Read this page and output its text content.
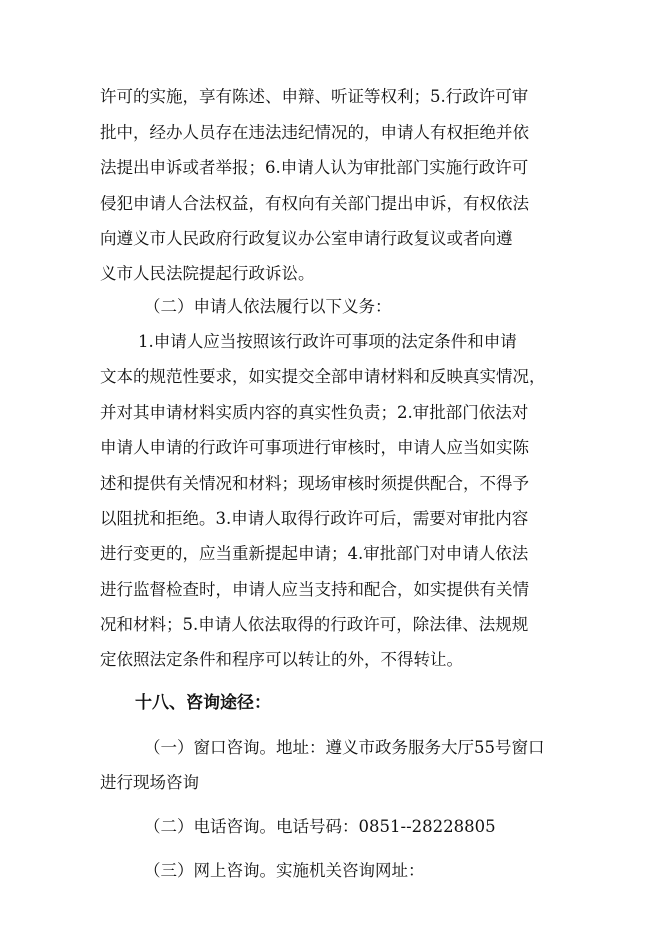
许可的实施，享有陈述、申辩、听证等权利；5.行政许可审
批中，经办人员存在违法违纪情况的，申请人有权拒绝并依
法提出申诉或者举报；6.申请人认为审批部门实施行政许可
侵犯申请人合法权益，有权向有关部门提出申诉，有权依法
向遵义市人民政府行政复议办公室申请行政复议或者向遵
义市人民法院提起行政诉讼。
（二）申请人依法履行以下义务：
1.申请人应当按照该行政许可事项的法定条件和申请
文本的规范性要求，如实提交全部申请材料和反映真实情况，
并对其申请材料实质内容的真实性负责；2.审批部门依法对
申请人申请的行政许可事项进行审核时，申请人应当如实陈
述和提供有关情况和材料；现场审核时须提供配合，不得予
以阻扰和拒绝。3.申请人取得行政许可后，需要对审批内容
进行变更的，应当重新提起申请；4.审批部门对申请人依法
进行监督检查时，申请人应当支持和配合，如实提供有关情
况和材料；5.申请人依法取得的行政许可，除法律、法规规
定依照法定条件和程序可以转让的外，不得转让。
十八、咨询途径：
（一）窗口咨询。地址：遵义市政务服务大厅55号窗口
进行现场咨询
（二）电话咨询。电话号码：0851--28228805
（三）网上咨询。实施机关咨询网址：
